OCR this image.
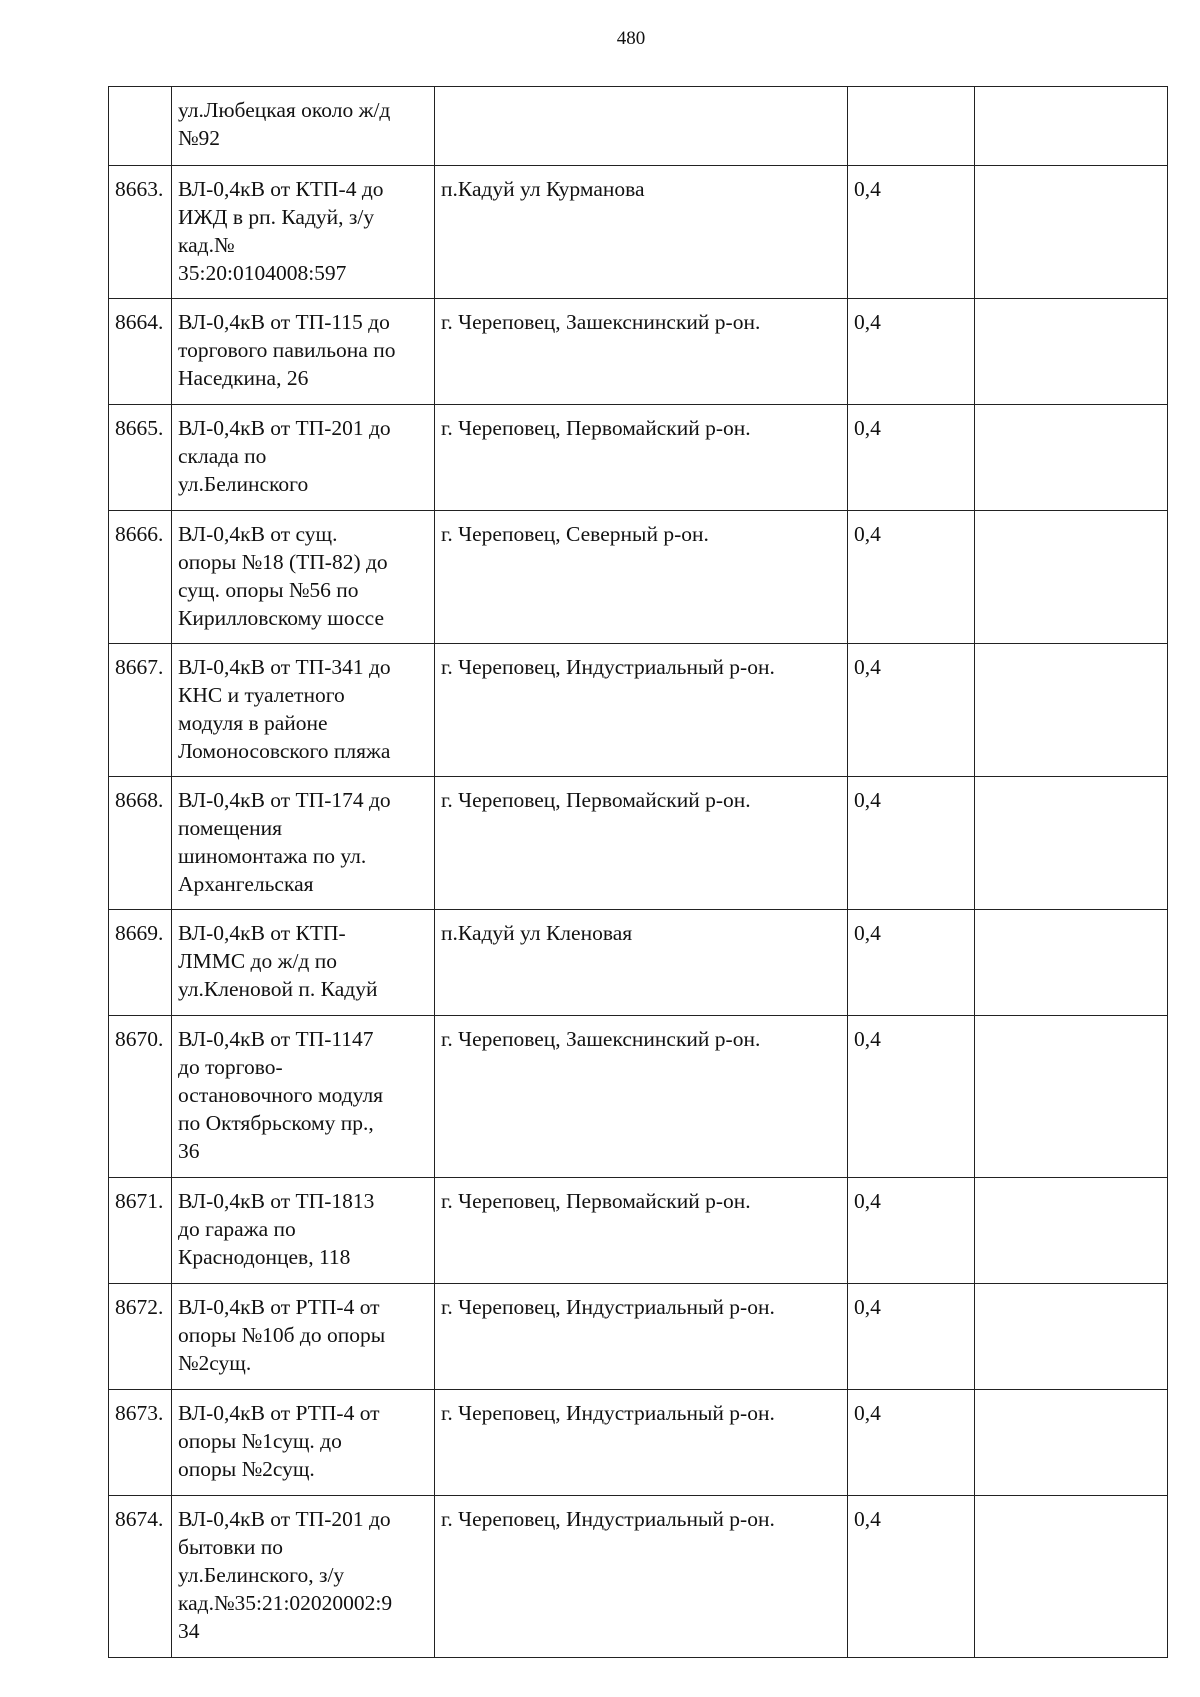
480
	ул.Любецкая около ж/д
№92			
8663.	ВЛ-0,4кВ от КТП-4 до
ИЖД в рп. Кадуй, з/у
кад.№
35:20:0104008:597	п.Кадуй ул Курманова	0,4	
8664.	ВЛ-0,4кВ от ТП-115 до
торгового павильона по
Наседкина, 26	г. Череповец, Зашекснинский р-он.	0,4	
8665.	ВЛ-0,4кВ от ТП-201 до
склада по
ул.Белинского	г. Череповец, Первомайский р-он.	0,4	
8666.	ВЛ-0,4кВ от сущ.
опоры №18 (ТП-82) до
сущ. опоры №56 по
Кирилловскому шоссе	г. Череповец, Северный р-он.	0,4	
8667.	ВЛ-0,4кВ от ТП-341 до
КНС и туалетного
модуля в районе
Ломоносовского пляжа	г. Череповец, Индустриальный р-он.	0,4	
8668.	ВЛ-0,4кВ от ТП-174 до
помещения
шиномонтажа по ул.
Архангельская	г. Череповец, Первомайский р-он.	0,4	
8669.	ВЛ-0,4кВ от КТП-
ЛММС до ж/д по
ул.Кленовой п. Кадуй	п.Кадуй ул Кленовая	0,4	
8670.	ВЛ-0,4кВ от ТП-1147
до торгово-
остановочного модуля
по Октябрьскому пр.,
36	г. Череповец, Зашекснинский р-он.	0,4	
8671.	ВЛ-0,4кВ от ТП-1813
до гаража по
Краснодонцев, 118	г. Череповец, Первомайский р-он.	0,4	
8672.	ВЛ-0,4кВ от РТП-4 от
опоры №10б до опоры
№2сущ.	г. Череповец, Индустриальный р-он.	0,4	
8673.	ВЛ-0,4кВ от РТП-4 от
опоры №1сущ. до
опоры №2сущ.	г. Череповец, Индустриальный р-он.	0,4	
8674.	ВЛ-0,4кВ от ТП-201 до
бытовки по
ул.Белинского, з/у
кад.№35:21:02020002:9
34	г. Череповец, Индустриальный р-он.	0,4	
